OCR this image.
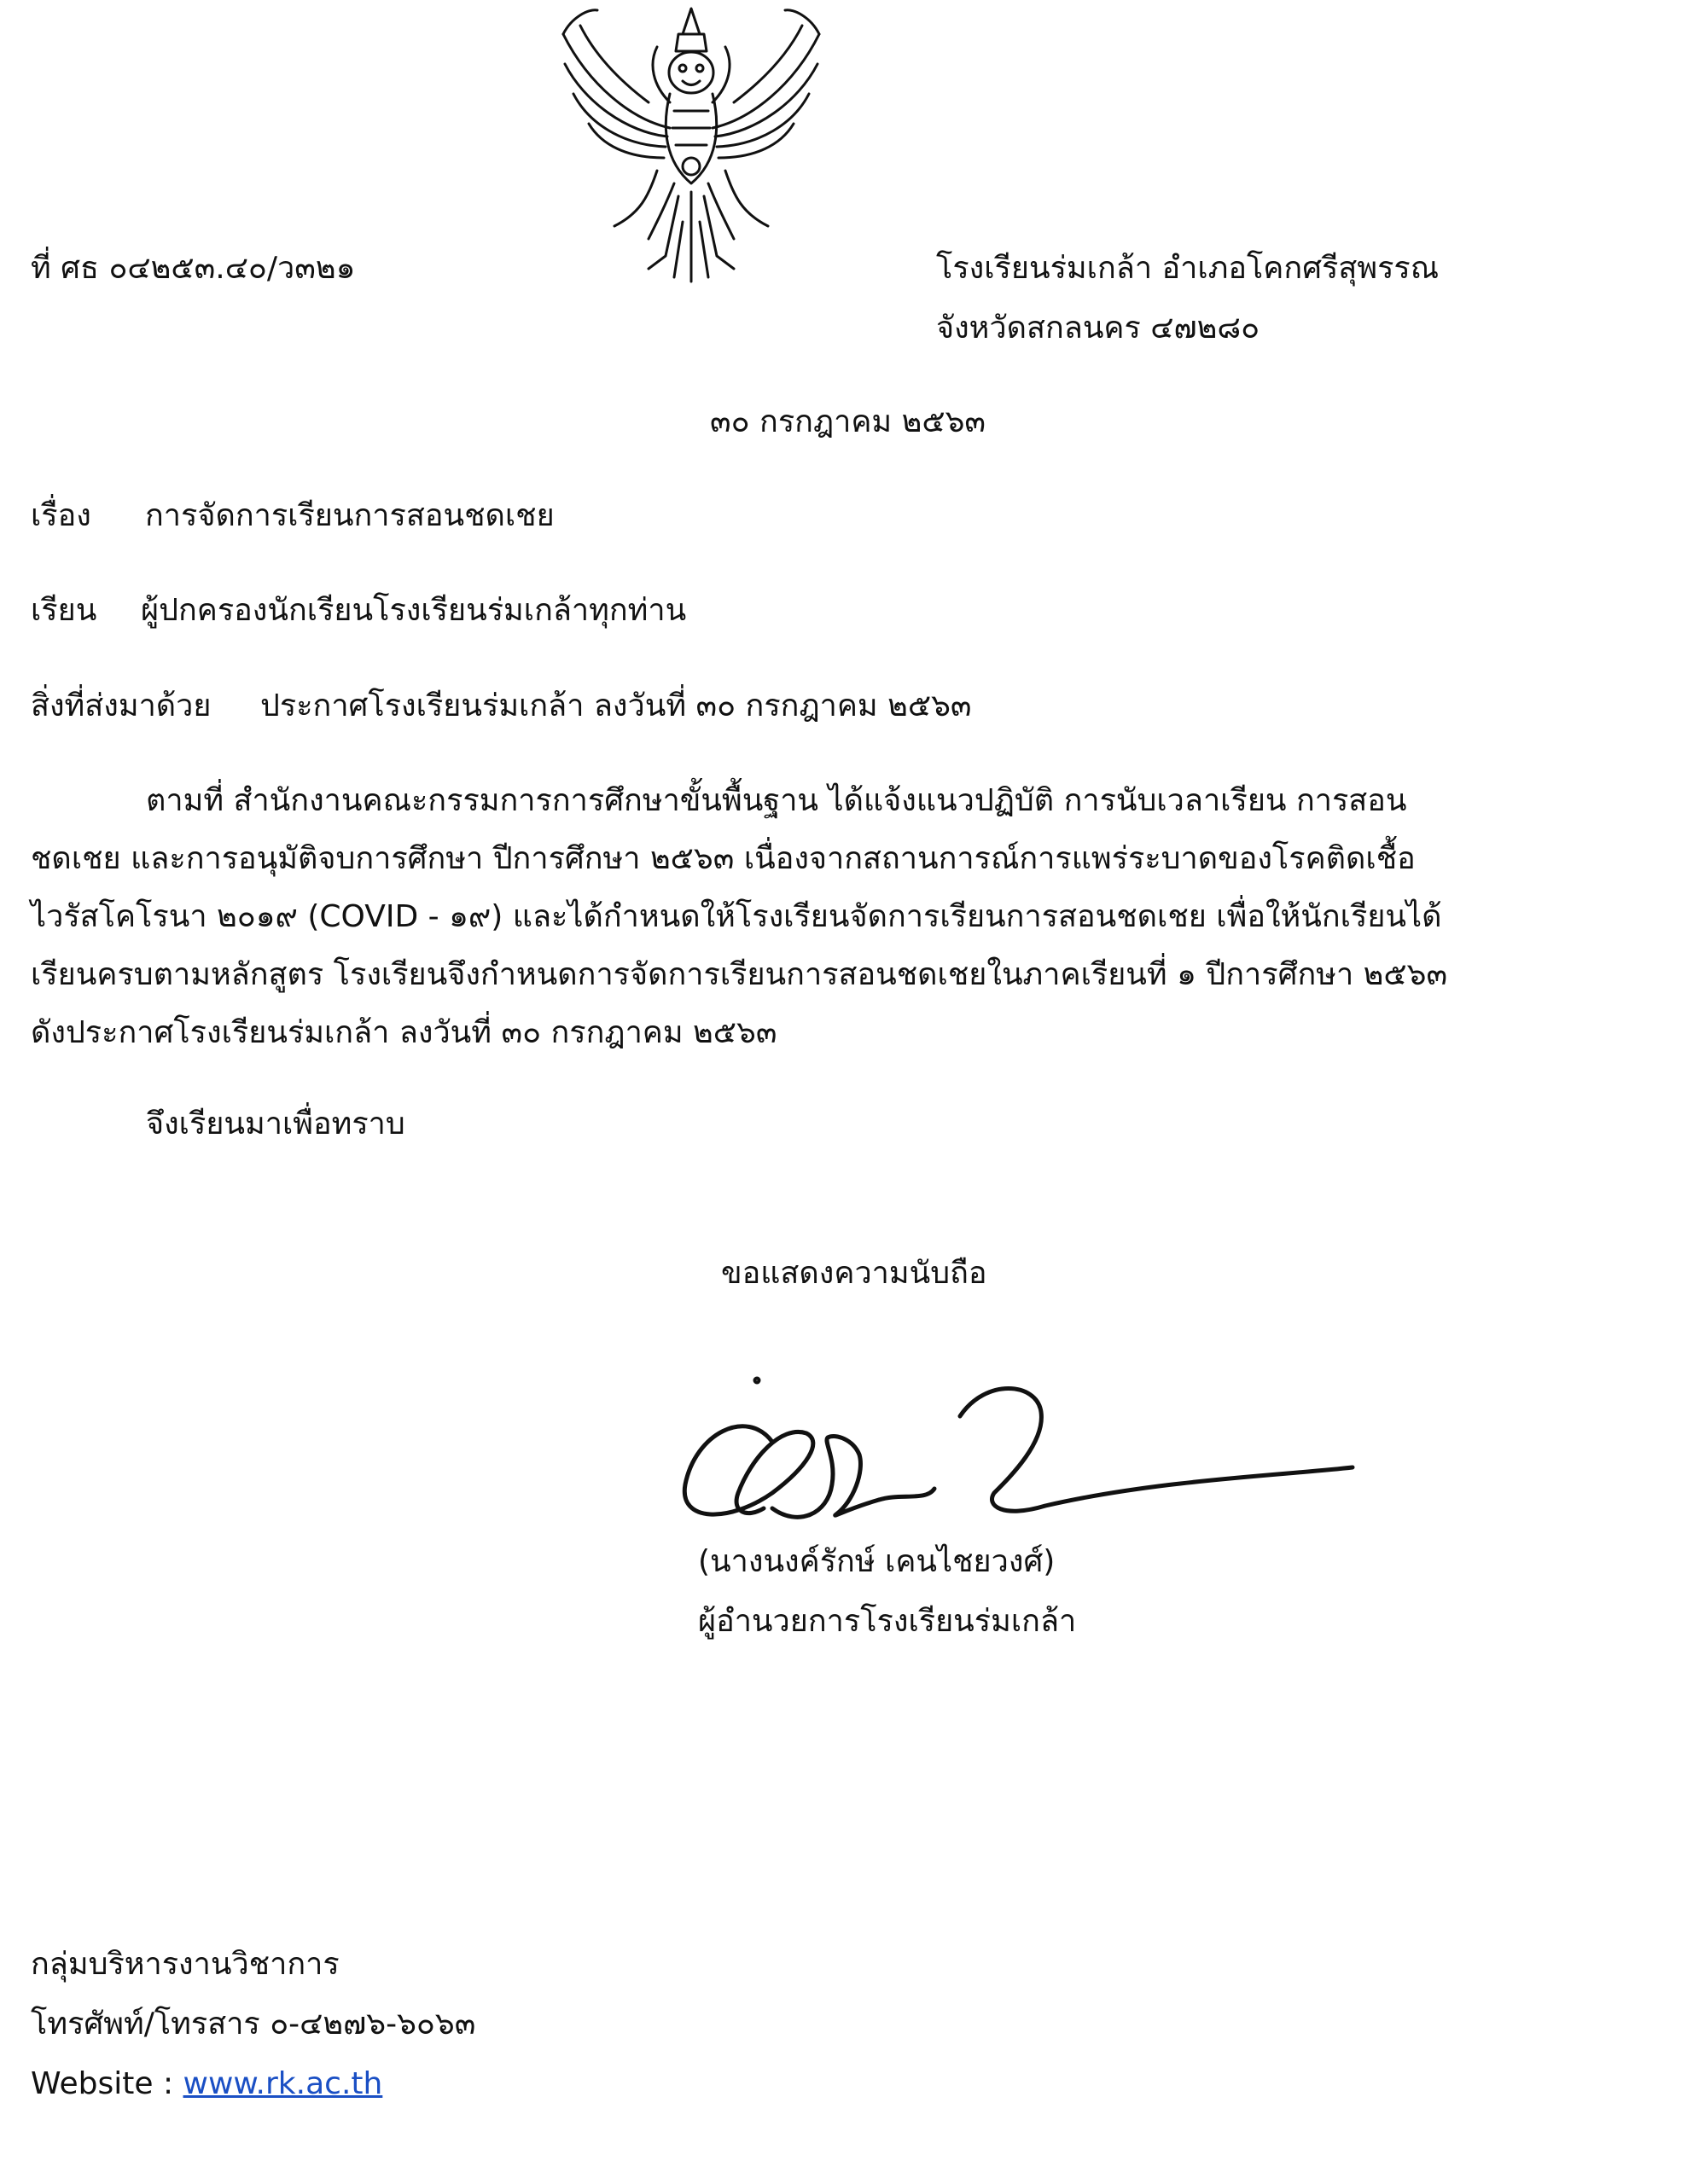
ที่ ศธ ๐๔๒๕๓.๔๐/ว๓๒๑	โรงเรียนร่มเกล้า อำเภอโคกศรีสุพรรณ
จังหวัดสกลนคร ๔๗๒๘๐
๓๐ กรกฎาคม ๒๕๖๓
เรื่อง การจัดการเรียนการสอนชดเชย
เรียน ผู้ปกครองนักเรียนโรงเรียนร่มเกล้าทุกท่าน
สิ่งที่ส่งมาด้วย ประกาศโรงเรียนร่มเกล้า ลงวันที่ ๓๐ กรกฎาคม ๒๕๖๓
ตามที่ สำนักงานคณะกรรมการการศึกษาขั้นพื้นฐาน ได้แจ้งแนวปฏิบัติ การนับเวลาเรียน การสอนชดเชย และการอนุมัติจบการศึกษา ปีการศึกษา ๒๕๖๓ เนื่องจากสถานการณ์การแพร่ระบาดของโรคติดเชื้อไวรัสโคโรนา ๒๐๑๙ (COVID - ๑๙) และได้กำหนดให้โรงเรียนจัดการเรียนการสอนชดเชย เพื่อให้นักเรียนได้เรียนครบตามหลักสูตร โรงเรียนจึงกำหนดการจัดการเรียนการสอนชดเชยในภาคเรียนที่ ๑ ปีการศึกษา ๒๕๖๓ ดังประกาศโรงเรียนร่มเกล้า ลงวันที่ ๓๐ กรกฎาคม ๒๕๖๓
จึงเรียนมาเพื่อทราบ
ขอแสดงความนับถือ
(นางนงค์รักษ์ เคนไชยวงศ์)
ผู้อำนวยการโรงเรียนร่มเกล้า
กลุ่มบริหารงานวิชาการ
โทรศัพท์/โทรสาร ๐-๔๒๗๖-๖๐๖๓
Website : www.rk.ac.th
